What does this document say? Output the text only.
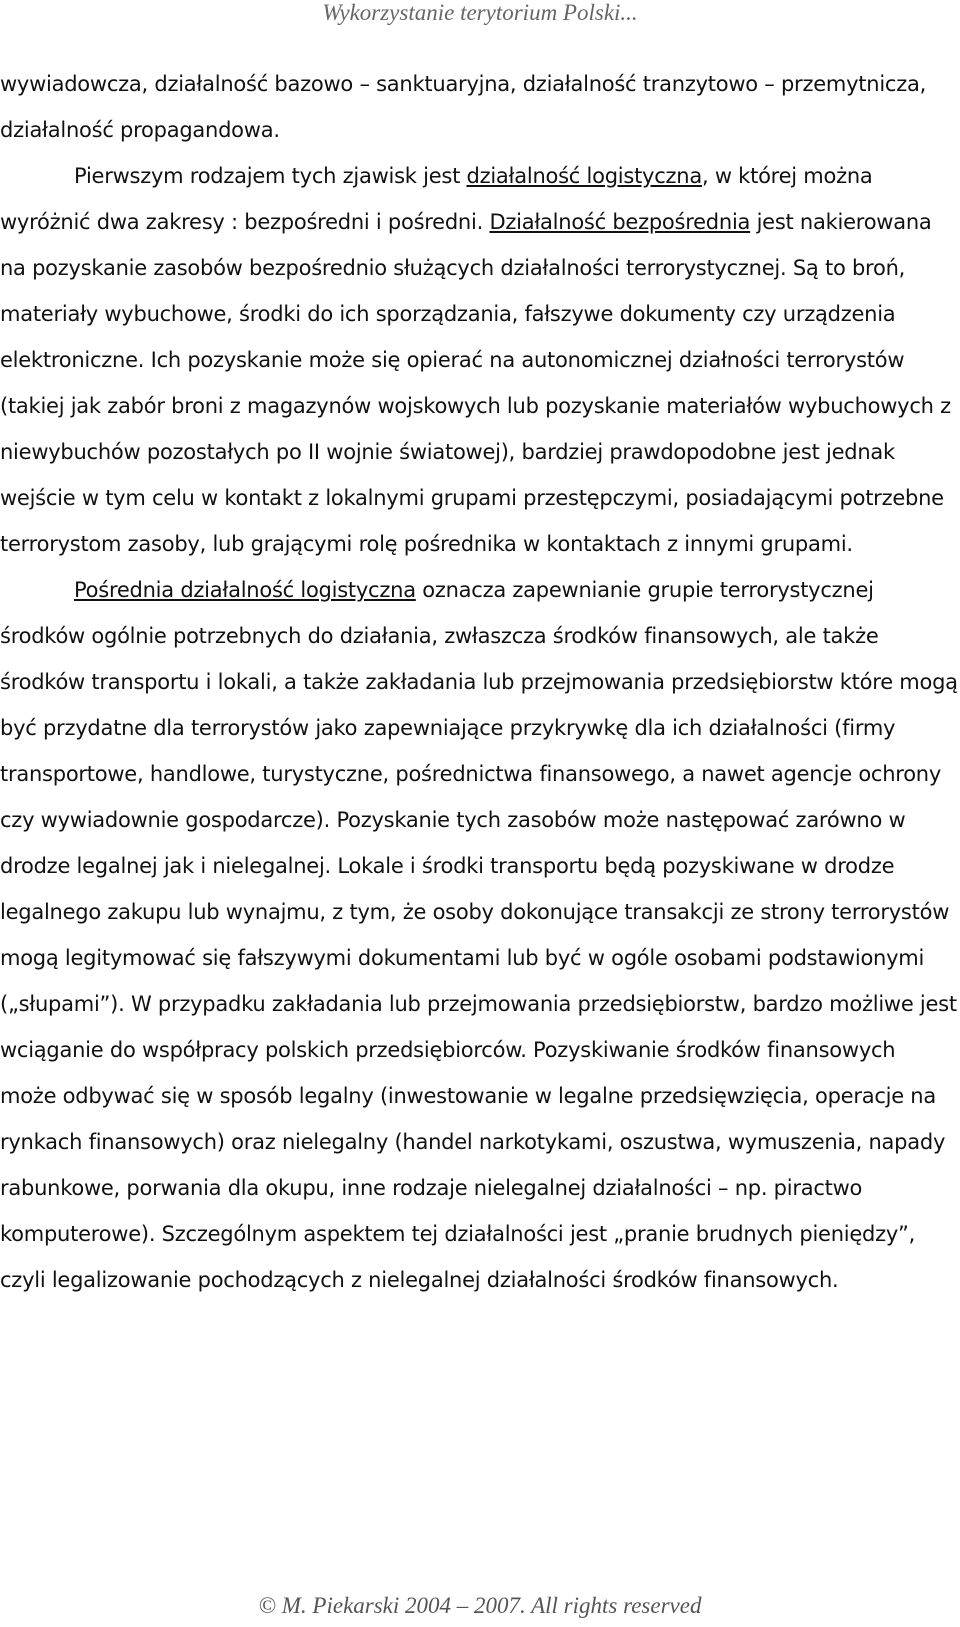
Wykorzystanie terytorium Polski...

wywiadowcza, działalność bazowo – sanktuaryjna, działalność tranzytowo – przemytnicza, działalność propagandowa.

Pierwszym rodzajem tych zjawisk jest działalność logistyczna, w której można wyróżnić dwa zakresy : bezpośredni i pośredni. Działalność bezpośrednia jest nakierowana na pozyskanie zasobów bezpośrednio służących działalności terrorystycznej. Są to broń, materiały wybuchowe, środki do ich sporządzania, fałszywe dokumenty czy urządzenia elektroniczne. Ich pozyskanie może się opierać na autonomicznej działności terrorystów (takiej jak zabór broni z magazynów wojskowych lub pozyskanie materiałów wybuchowych z niewybuchów pozostałych po II wojnie światowej), bardziej prawdopodobne jest jednak wejście w tym celu w kontakt z lokalnymi grupami przestępczymi, posiadającymi potrzebne terrorystom zasoby, lub grającymi rolę pośrednika w kontaktach z innymi grupami.

Pośrednia działalność logistyczna oznacza zapewnianie grupie terrorystycznej środków ogólnie potrzebnych do działania, zwłaszcza środków finansowych, ale także środków transportu i lokali, a także zakładania lub przejmowania przedsiębiorstw które mogą być przydatne dla terrorystów jako zapewniające przykrywkę dla ich działalności (firmy transportowe, handlowe, turystyczne, pośrednictwa finansowego, a nawet agencje ochrony czy wywiadownie gospodarcze). Pozyskanie tych zasobów może następować zarówno w drodze legalnej jak i nielegalnej. Lokale i środki transportu będą pozyskiwane w drodze legalnego zakupu lub wynajmu, z tym, że osoby dokonujące transakcji ze strony terrorystów mogą legitymować się fałszywymi dokumentami lub być w ogóle osobami podstawionymi („słupami”). W przypadku zakładania lub przejmowania przedsiębiorstw, bardzo możliwe jest wciąganie do współpracy polskich przedsiębiorców. Pozyskiwanie środków finansowych może odbywać się w sposób legalny (inwestowanie w legalne przedsięwzięcia, operacje na rynkach finansowych) oraz nielegalny (handel narkotykami, oszustwa, wymuszenia, napady rabunkowe, porwania dla okupu, inne rodzaje nielegalnej działalności – np. piractwo komputerowe). Szczególnym aspektem tej działalności jest „pranie brudnych pieniędzy”, czyli legalizowanie pochodzących z nielegalnej działalności środków finansowych.

© M. Piekarski 2004 – 2007. All rights reserved
